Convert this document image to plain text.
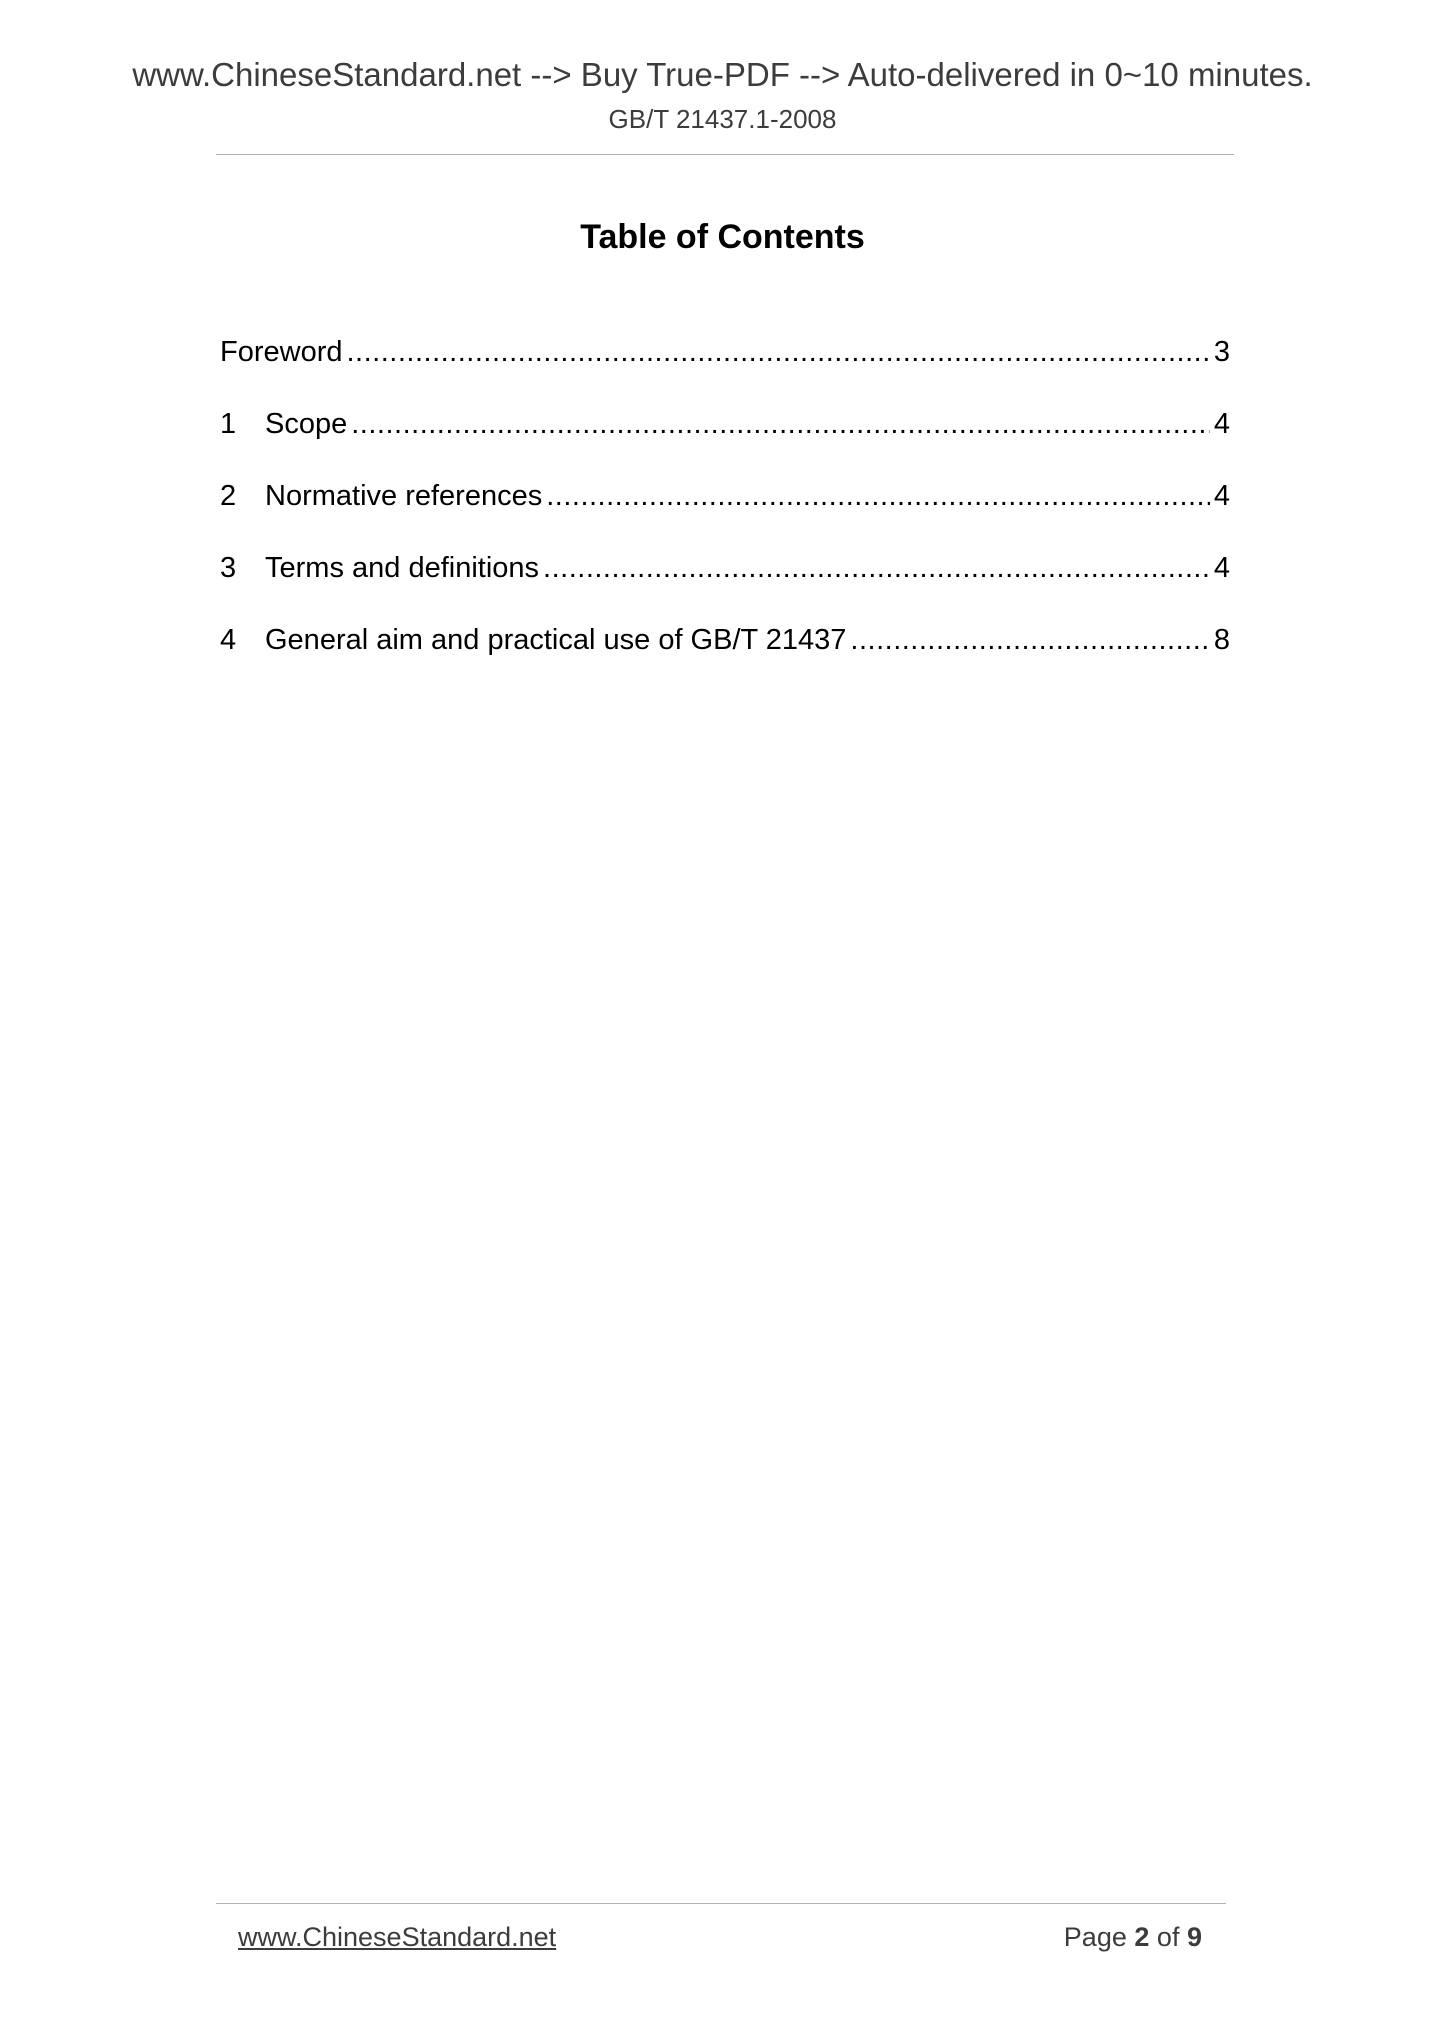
www.ChineseStandard.net --> Buy True-PDF --> Auto-delivered in 0~10 minutes.
GB/T 21437.1-2008
Table of Contents
Foreword .....	3
1 Scope .....	4
2 Normative references .....	4
3 Terms and definitions .....	4
4 General aim and practical use of GB/T 21437 .....	8
www.ChineseStandard.net	Page 2 of 9
